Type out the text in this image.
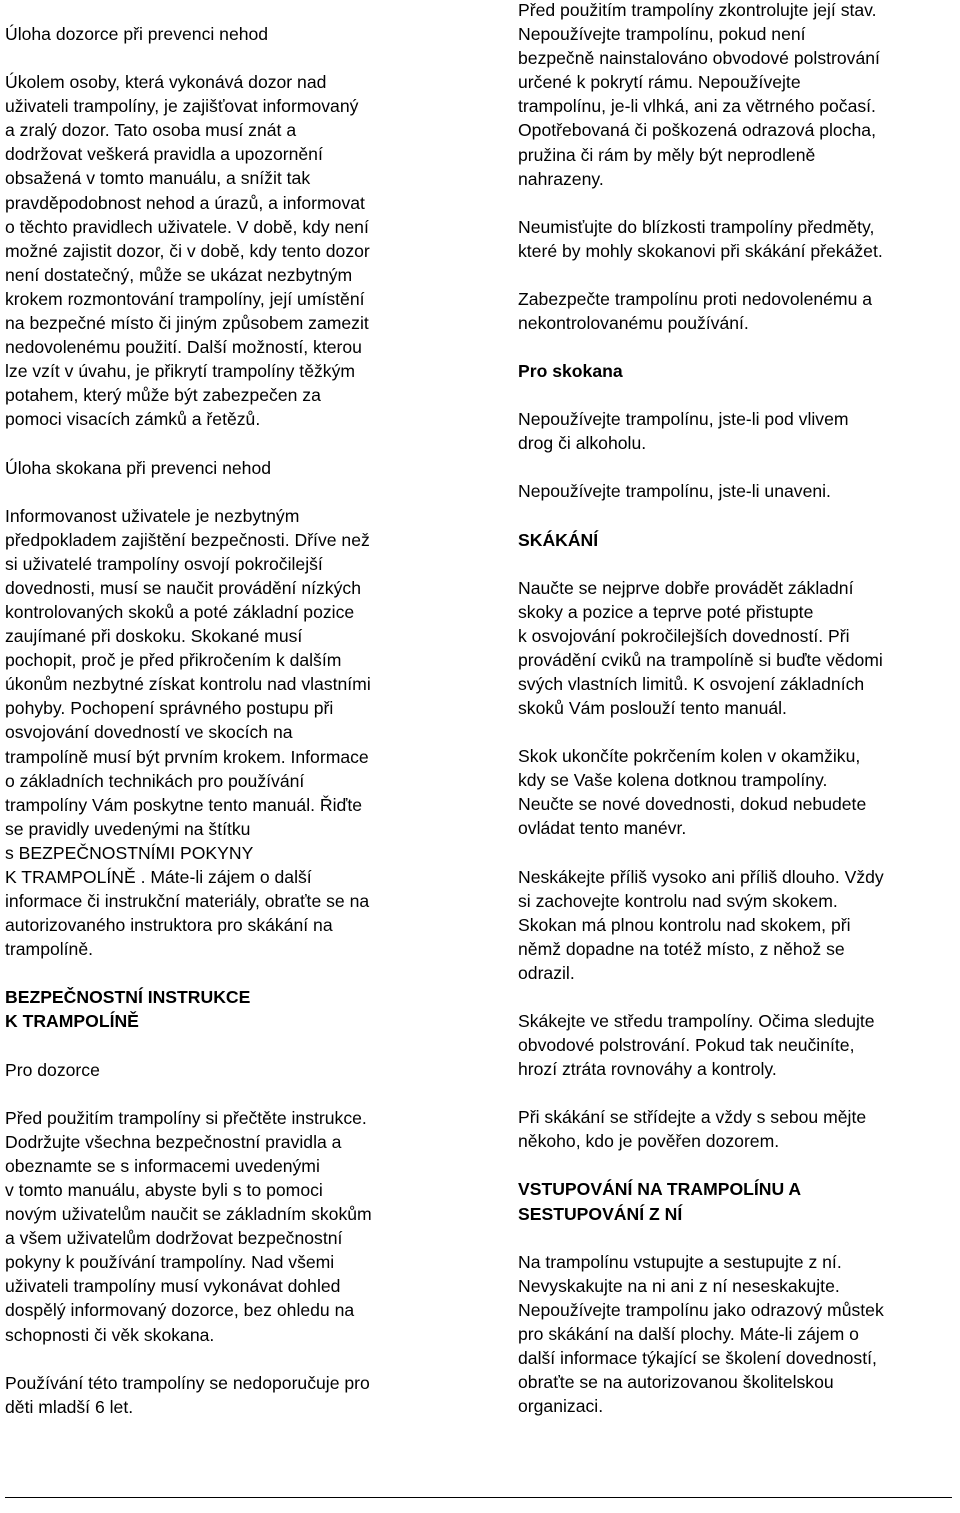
Úloha dozorce při prevenci nehod
Úkolem osoby, která vykonává dozor nad
uživateli trampolíny, je zajišťovat informovaný
a zralý dozor. Tato osoba musí znát a
dodržovat veškerá pravidla a upozornění
obsažená v tomto manuálu, a snížit tak
pravděpodobnost nehod a úrazů, a informovat
o těchto pravidlech uživatele. V době, kdy není
možné zajistit dozor, či v době, kdy tento dozor
není dostatečný, může se ukázat nezbytným
krokem rozmontování trampolíny, její umístění
na bezpečné místo či jiným způsobem zamezit
nedovolenému použití. Další možností, kterou
lze vzít v úvahu, je přikrytí trampolíny těžkým
potahem, který může být zabezpečen za
pomoci visacích zámků a řetězů.
Úloha skokana při prevenci nehod
Informovanost uživatele je nezbytným
předpokladem zajištění bezpečnosti. Dříve než
si uživatelé trampolíny osvojí pokročilejší
dovednosti, musí se naučit provádění nízkých
kontrolovaných skoků a poté základní pozice
zaujímané při doskoku. Skokané musí
pochopit, proč je před přikročením k dalším
úkonům nezbytné získat kontrolu nad vlastními
pohyby. Pochopení správného postupu při
osvojování dovedností ve skocích na
trampolíně musí být prvním krokem. Informace
o základních technikách pro používání
trampolíny Vám poskytne tento manuál. Řiďte
se pravidly uvedenými na štítku
s BEZPEČNOSTNÍMI POKYNY
K TRAMPOLÍNĚ . Máte-li zájem o další
informace či instrukční materiály, obraťte se na
autorizovaného instruktora pro skákání na
trampolíně.
BEZPEČNOSTNÍ INSTRUKCE
K TRAMPOLÍNĚ
Pro dozorce
Před použitím trampolíny si přečtěte instrukce.
Dodržujte všechna bezpečnostní pravidla a
obeznamte se s informacemi uvedenými
v tomto manuálu, abyste byli s to pomoci
novým uživatelům naučit se základním skokům
a všem uživatelům dodržovat bezpečnostní
pokyny k používání trampolíny. Nad všemi
uživateli trampolíny musí vykonávat dohled
dospělý informovaný dozorce, bez ohledu na
schopnosti či věk skokana.
Používání této trampolíny se nedoporučuje pro
děti mladší 6 let.
Před použitím trampolíny zkontrolujte její stav.
Nepoužívejte trampolínu, pokud není
bezpečně nainstalováno obvodové polstrování
určené k pokrytí rámu. Nepoužívejte
trampolínu, je-li vlhká, ani za větrného počasí.
Opotřebovaná či poškozená odrazová plocha,
pružina či rám by měly být neprodleně
nahrazeny.
Neumisťujte do blízkosti trampolíny předměty,
které by mohly skokanovi při skákání překážet.
Zabezpečte trampolínu proti nedovolenému a
nekontrolovanému používání.
Pro skokana
Nepoužívejte trampolínu, jste-li pod vlivem
drog či alkoholu.
Nepoužívejte trampolínu, jste-li unaveni.
SKÁKÁNÍ
Naučte se nejprve dobře provádět základní
skoky a pozice a teprve poté přistupte
k osvojování pokročilejších dovedností. Při
provádění cviků na trampolíně si buďte vědomi
svých vlastních limitů. K osvojení základních
skoků Vám poslouží tento manuál.
Skok ukončíte pokrčením kolen v okamžiku,
kdy se Vaše kolena dotknou trampolíny.
Neučte se nové dovednosti, dokud nebudete
ovládat tento manévr.
Neskákejte příliš vysoko ani příliš dlouho. Vždy
si zachovejte kontrolu nad svým skokem.
Skokan má plnou kontrolu nad skokem, při
němž dopadne na totéž místo, z něhož se
odrazil.
Skákejte ve středu trampolíny. Očima sledujte
obvodové polstrování. Pokud tak neučiníte,
hrozí ztráta rovnováhy a kontroly.
Při skákání se střídejte a vždy s sebou mějte
někoho, kdo je pověřen dozorem.
VSTUPOVÁNÍ NA TRAMPOLÍNU A
SESTUPOVÁNÍ Z NÍ
Na trampolínu vstupujte a sestupujte z ní.
Nevyskakujte na ni ani z ní neseskakujte.
Nepoužívejte trampolínu jako odrazový můstek
pro skákání na další plochy. Máte-li zájem o
další informace týkající se školení dovedností,
obraťte se na autorizovanou školitelskou
organizaci.
